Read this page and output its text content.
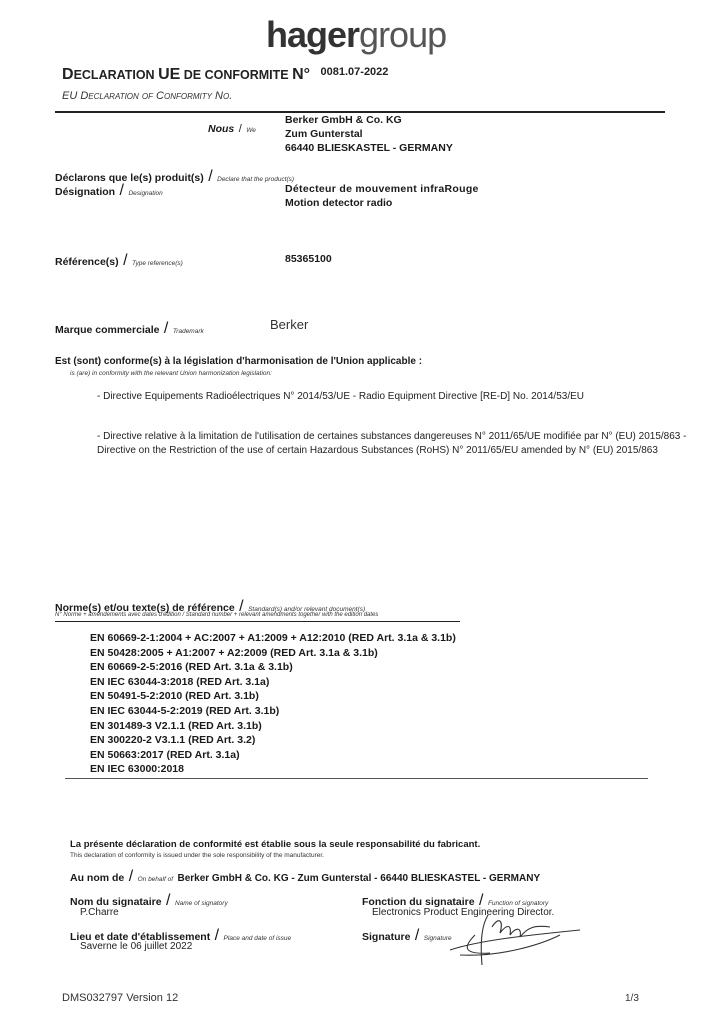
hagergroup
DECLARATION UE DE CONFORMITE N° $^{0081.07-2022}$
EU Declaration of Conformity No.
Nous / We
Berker GmbH & Co. KG
Zum Gunterstal
66440 BLIESKASTEL - GERMANY
Déclarons que le(s) produit(s) / Declare that the product(s)
Désignation / Designation	Détecteur de mouvement infraRouge
Motion detector radio
Référence(s) / Type reference(s)	85365100
Marque commerciale / Trademark	Berker
Est (sont) conforme(s) à la législation d'harmonisation de l'Union applicable :
is (are) in conformity with the relevant Union harmonization legislation:
- Directive Equipements Radioélectriques N° 2014/53/UE - Radio Equipment Directive [RE-D] No. 2014/53/EU
- Directive relative à la limitation de l'utilisation de certaines substances dangereuses N° 2011/65/UE modifiée par N° (EU) 2015/863 -
Directive on the Restriction of the use of certain Hazardous Substances (RoHS) N° 2011/65/EU amended by N° (EU) 2015/863
Norme(s) et/ou texte(s) de référence / Standard(s) and/or relevant document(s)
N° Norme + amendements avec dates d'édition / Standard number + relevant amendments together with the edition dates
EN 60669-2-1:2004 + AC:2007 + A1:2009 + A12:2010 (RED Art. 3.1a & 3.1b)
EN 50428:2005 + A1:2007 + A2:2009 (RED Art. 3.1a & 3.1b)
EN 60669-2-5:2016 (RED Art. 3.1a & 3.1b)
EN IEC 63044-3:2018 (RED Art. 3.1a)
EN 50491-5-2:2010 (RED Art. 3.1b)
EN IEC 63044-5-2:2019 (RED Art. 3.1b)
EN 301489-3 V2.1.1 (RED Art. 3.1b)
EN 300220-2 V3.1.1 (RED Art. 3.2)
EN 50663:2017 (RED Art. 3.1a)
EN IEC 63000:2018
La présente déclaration de conformité est établie sous la seule responsabilité du fabricant.
This declaration of conformity is issued under the sole responsibility of the manufacturer.
Au nom de / On behalf of Berker GmbH & Co. KG - Zum Gunterstal - 66440 BLIESKASTEL - GERMANY
Nom du signataire / Name of signatory
P.Charre
Lieu et date d'établissement / Place and date of issue
Saverne le 06 juillet 2022
Fonction du signataire / Function of signatory
Electronics Product Engineering Director.
Signature / Signature
DMS032797 Version 12	1/3
